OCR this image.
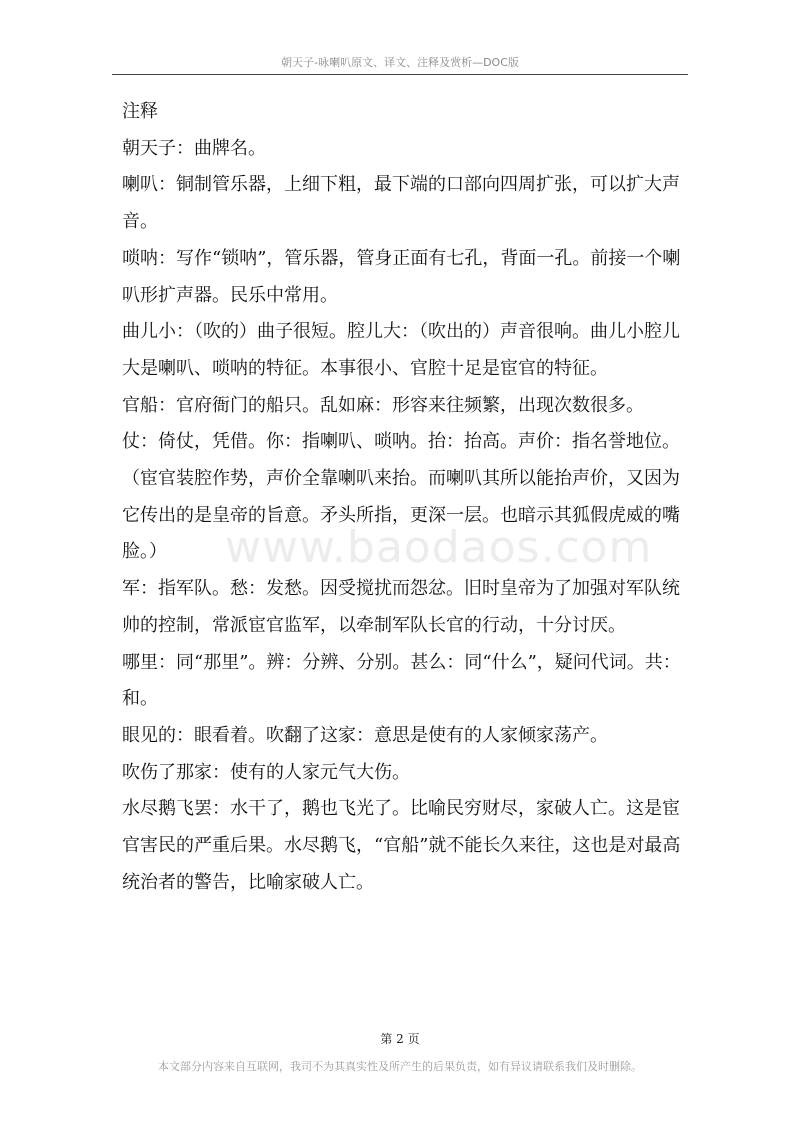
朝天子-咏喇叭原文、译文、注释及赏析—DOC版
www.baodaos.com

注释

朝天子：曲牌名。

喇叭：铜制管乐器，上细下粗，最下端的口部向四周扩张，可以扩大声音。

唢呐：写作“锁呐”，管乐器，管身正面有七孔，背面一孔。前接一个喇叭形扩声器。民乐中常用。

曲儿小：（吹的）曲子很短。腔儿大：（吹出的）声音很响。曲儿小腔儿大是喇叭、唢呐的特征。本事很小、官腔十足是宦官的特征。

官船：官府衙门的船只。乱如麻：形容来往频繁，出现次数很多。

仗：倚仗，凭借。你：指喇叭、唢呐。抬：抬高。声价：指名誉地位。（宦官装腔作势，声价全靠喇叭来抬。而喇叭其所以能抬声价，又因为它传出的是皇帝的旨意。矛头所指，更深一层。也暗示其狐假虎威的嘴脸。）

军：指军队。愁：发愁。因受搅扰而怨忿。旧时皇帝为了加强对军队统帅的控制，常派宦官监军，以牵制军队长官的行动，十分讨厌。

哪里：同“那里”。辨：分辨、分别。甚么：同“什么”，疑问代词。共：和。

眼见的：眼看着。吹翻了这家：意思是使有的人家倾家荡产。

吹伤了那家：使有的人家元气大伤。

水尽鹅飞罢：水干了，鹅也飞光了。比喻民穷财尽，家破人亡。这是宦官害民的严重后果。水尽鹅飞，“官船”就不能长久来往，这也是对最高统治者的警告，比喻家破人亡。

第 2 页
本文部分内容来自互联网，我司不为其真实性及所产生的后果负责，如有异议请联系我们及时删除。
